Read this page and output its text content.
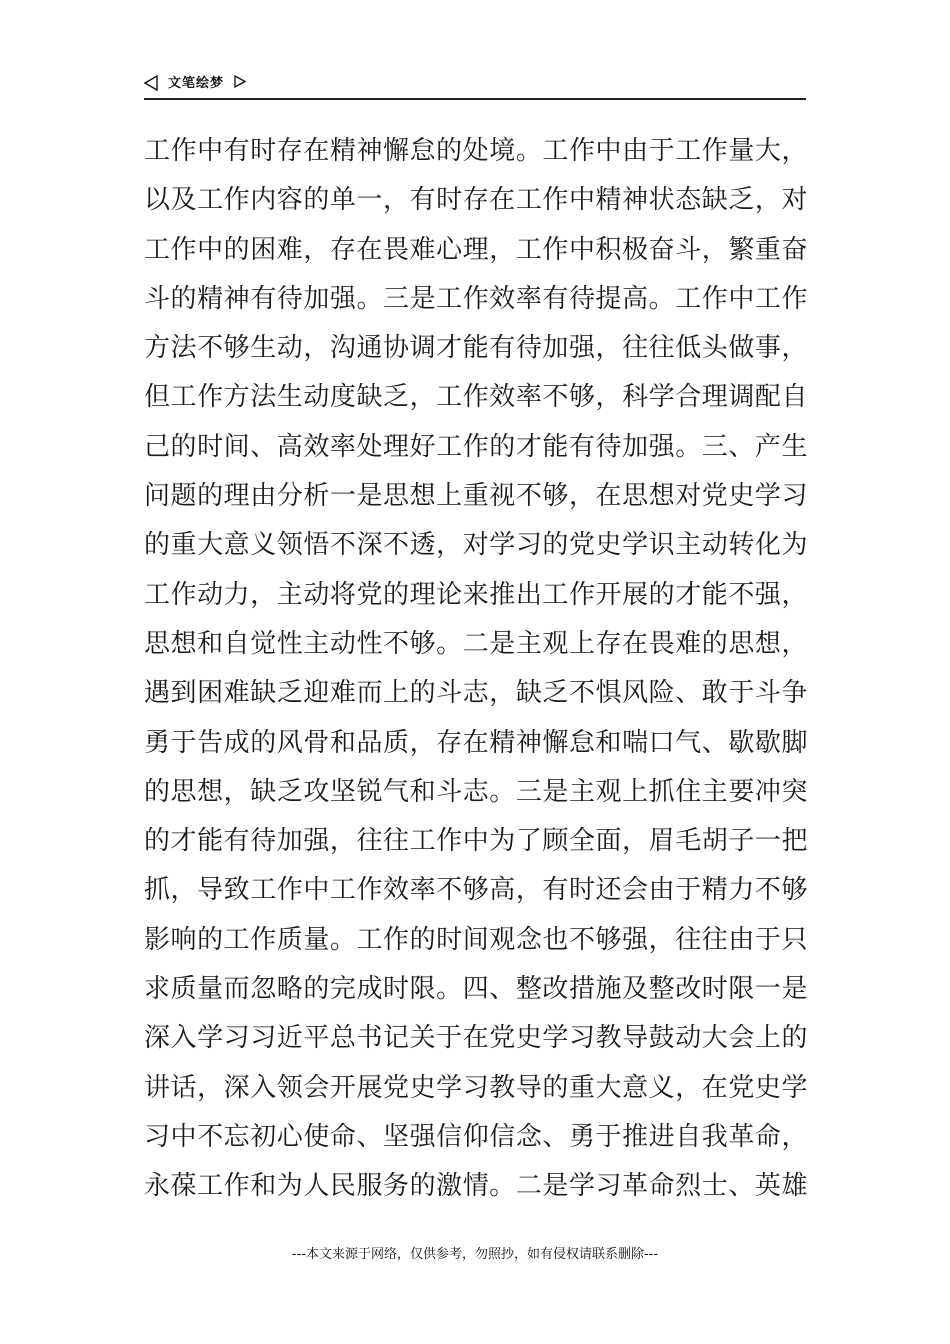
文笔绘梦
工作中有时存在精神懈怠的处境。工作中由于工作量大，
以及工作内容的单一，有时存在工作中精神状态缺乏，对
工作中的困难，存在畏难心理，工作中积极奋斗，繁重奋
斗的精神有待加强。三是工作效率有待提高。工作中工作
方法不够生动，沟通协调才能有待加强，往往低头做事，
但工作方法生动度缺乏，工作效率不够，科学合理调配自
己的时间、高效率处理好工作的才能有待加强。三、产生
问题的理由分析一是思想上重视不够，在思想对党史学习
的重大意义领悟不深不透，对学习的党史学识主动转化为
工作动力，主动将党的理论来推出工作开展的才能不强，
思想和自觉性主动性不够。二是主观上存在畏难的思想，
遇到困难缺乏迎难而上的斗志，缺乏不惧风险、敢于斗争
勇于告成的风骨和品质，存在精神懈怠和喘口气、歇歇脚
的思想，缺乏攻坚锐气和斗志。三是主观上抓住主要冲突
的才能有待加强，往往工作中为了顾全面，眉毛胡子一把
抓，导致工作中工作效率不够高，有时还会由于精力不够
影响的工作质量。工作的时间观念也不够强，往往由于只
求质量而忽略的完成时限。四、整改措施及整改时限一是
深入学习习近平总书记关于在党史学习教导鼓动大会上的
讲话，深入领会开展党史学习教导的重大意义，在党史学
习中不忘初心使命、坚强信仰信念、勇于推进自我革命，
永葆工作和为人民服务的激情。二是学习革命烈士、英雄
---本文来源于网络，仅供参考，勿照抄，如有侵权请联系删除---
